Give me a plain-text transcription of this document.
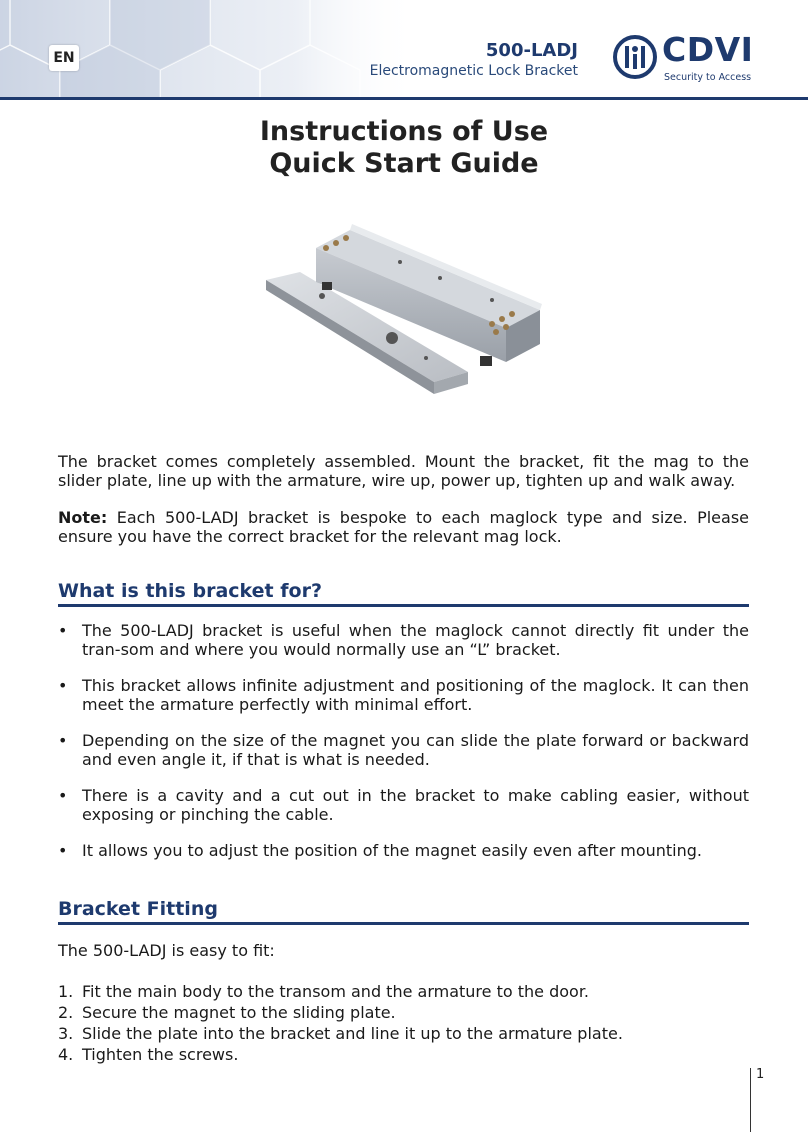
EN	500-LADJ
Electromagnetic Lock Bracket
CDVI
Security to Access
Instructions of Use
Quick Start Guide
The bracket comes completely assembled. Mount the bracket, fit the mag to the slider plate, line up with the armature, wire up, power up, tighten up and walk away.
Note: Each 500-LADJ bracket is bespoke to each maglock type and size. Please ensure you have the correct bracket for the relevant mag lock.
What is this bracket for?
• The 500-LADJ bracket is useful when the maglock cannot directly fit under the tran-som and where you would normally use an “L” bracket.
• This bracket allows infinite adjustment and positioning of the maglock. It can then meet the armature perfectly with minimal effort.
• Depending on the size of the magnet you can slide the plate forward or backward and even angle it, if that is what is needed.
• There is a cavity and a cut out in the bracket to make cabling easier, without exposing or pinching the cable.
• It allows you to adjust the position of the magnet easily even after mounting.
Bracket Fitting
The 500-LADJ is easy to fit:
1. Fit the main body to the transom and the armature to the door.
2. Secure the magnet to the sliding plate.
3. Slide the plate into the bracket and line it up to the armature plate.
4. Tighten the screws.
1
